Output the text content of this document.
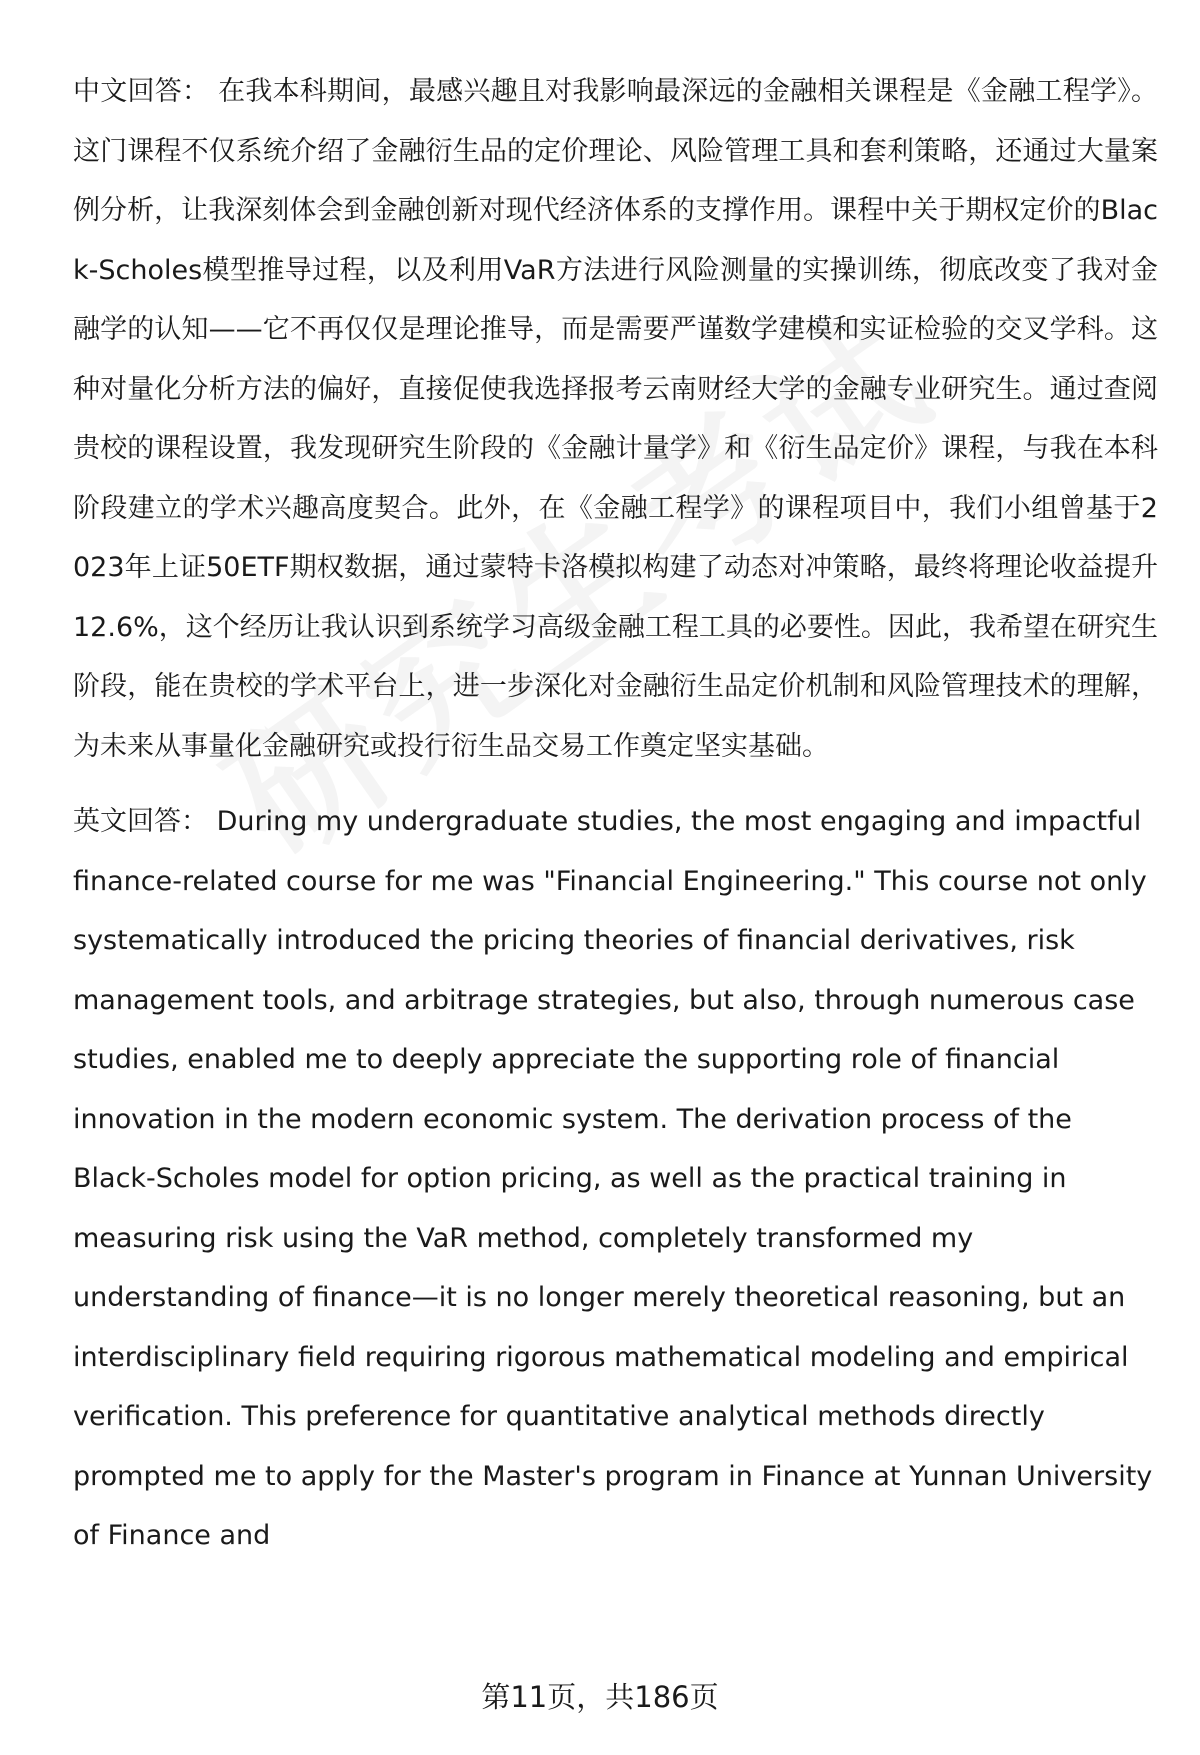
中文回答： 在我本科期间，最感兴趣且对我影响最深远的金融相关课程是《金融工程学》。这门课程不仅系统介绍了金融衍生品的定价理论、风险管理工具和套利策略，还通过大量案例分析，让我深刻体会到金融创新对现代经济体系的支撑作用。课程中关于期权定价的Black-Scholes模型推导过程，以及利用VaR方法进行风险测量的实操训练，彻底改变了我对金融学的认知——它不再仅仅是理论推导，而是需要严谨数学建模和实证检验的交叉学科。这种对量化分析方法的偏好，直接促使我选择报考云南财经大学的金融专业研究生。通过查阅贵校的课程设置，我发现研究生阶段的《金融计量学》和《衍生品定价》课程，与我在本科阶段建立的学术兴趣高度契合。此外，在《金融工程学》的课程项目中，我们小组曾基于2023年上证50ETF期权数据，通过蒙特卡洛模拟构建了动态对冲策略，最终将理论收益提升12.6%，这个经历让我认识到系统学习高级金融工程工具的必要性。因此，我希望在研究生阶段，能在贵校的学术平台上，进一步深化对金融衍生品定价机制和风险管理技术的理解，为未来从事量化金融研究或投行衍生品交易工作奠定坚实基础。

英文回答： During my undergraduate studies, the most engaging and impactful finance-related course for me was "Financial Engineering." This course not only systematically introduced the pricing theories of financial derivatives, risk management tools, and arbitrage strategies, but also, through numerous case studies, enabled me to deeply appreciate the supporting role of financial innovation in the modern economic system. The derivation process of the Black-Scholes model for option pricing, as well as the practical training in measuring risk using the VaR method, completely transformed my understanding of finance—it is no longer merely theoretical reasoning, but an interdisciplinary field requiring rigorous mathematical modeling and empirical verification. This preference for quantitative analytical methods directly prompted me to apply for the Master's program in Finance at Yunnan University of Finance and

第11页，共186页
